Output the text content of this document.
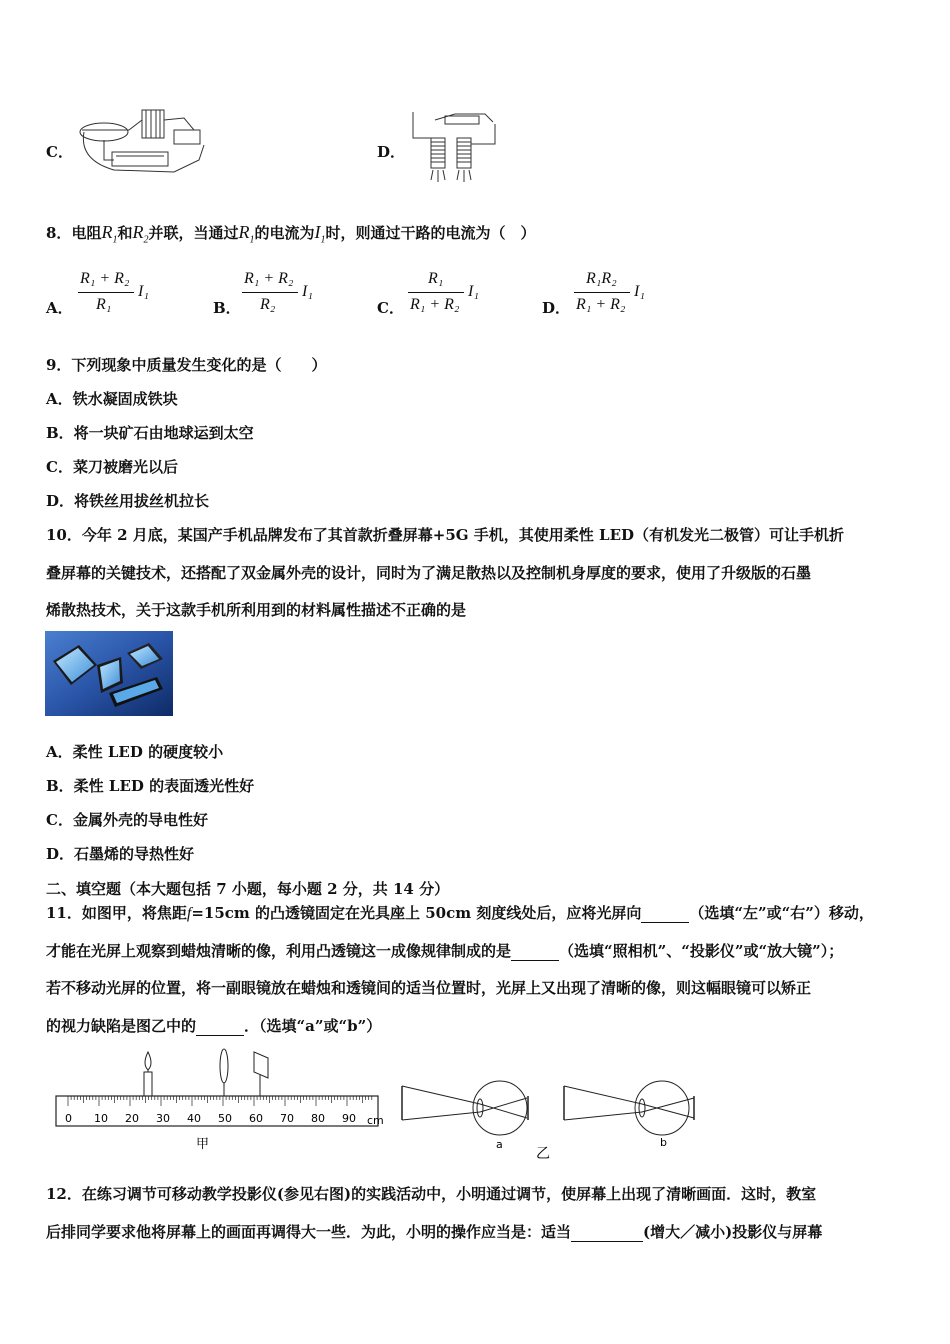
C．	D．
8．电阻$R_1$和$R_2$并联，当通过$R_1$的电流为$I_1$时，则通过干路的电流为（　）
A．
R₁ + R₂
R₁
I₁
B．
R₁ + R₂
R₂
I₁
C．
R₁
R₁ + R₂
I₁
D．
R₁R₂
R₁ + R₂
I₁
9．下列现象中质量发生变化的是（　　）
A．铁水凝固成铁块
B．将一块矿石由地球运到太空
C．菜刀被磨光以后
D．将铁丝用拔丝机拉长
10．今年 2 月底，某国产手机品牌发布了其首款折叠屏幕+5G 手机，其使用柔性 LED（有机发光二极管）可让手机折
叠屏幕的关键技术，还搭配了双金属外壳的设计，同时为了满足散热以及控制机身厚度的要求，使用了升级版的石墨
烯散热技术，关于这款手机所利用到的材料属性描述不正确的是
A．柔性 LED 的硬度较小
B．柔性 LED 的表面透光性好
C．金属外壳的导电性好
D．石墨烯的导热性好
二、填空题（本大题包括 7 小题，每小题 2 分，共 14 分）
11．如图甲，将焦距f=15cm 的凸透镜固定在光具座上 50cm 刻度线处后，应将光屏向	（选填“左”或“右”）移动，
才能在光屏上观察到蜡烛清晰的像，利用凸透镜这一成像规律制成的是	（选填“照相机”、“投影仪”或“放大镜”）；
若不移动光屏的位置，将一副眼镜放在蜡烛和透镜间的适当位置时，光屏上又出现了清晰的像，则这幅眼镜可以矫正
的视力缺陷是图乙中的	．（选填“a”或“b”）
0 10 20 30 40 50 60 70 80 90 cm
甲	a
乙
b
12．在练习调节可移动教学投影仪(参见右图)的实践活动中，小明通过调节，使屏幕上出现了清晰画面．这时，教室
后排同学要求他将屏幕上的画面再调得大一些．为此，小明的操作应当是：适当	(增大／减小)投影仪与屏幕
